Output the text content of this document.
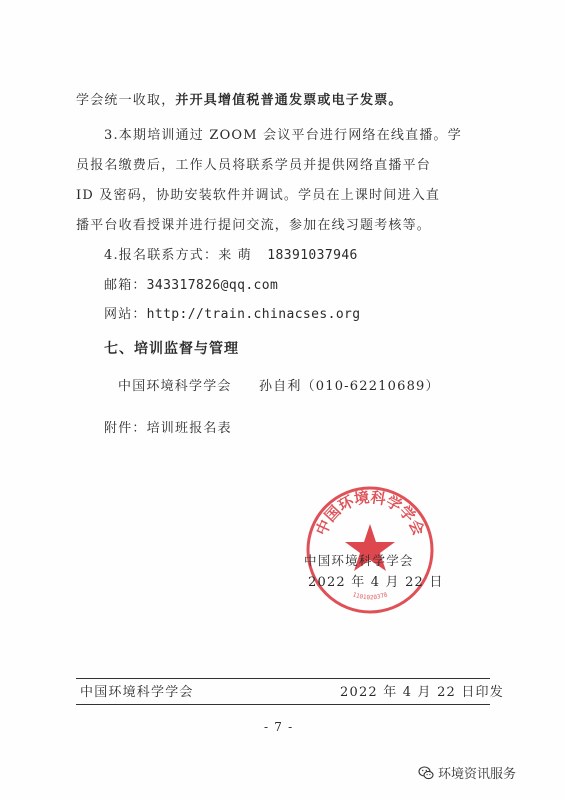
学会统一收取，并开具增值税普通发票或电子发票。
3.本期培训通过 ZOOM 会议平台进行网络在线直播。学
员报名缴费后，工作人员将联系学员并提供网络直播平台
ID 及密码，协助安装软件并调试。学员在上课时间进入直
播平台收看授课并进行提问交流，参加在线习题考核等。
4.报名联系方式：来 萌 18391037946
邮箱：343317826@qq.com
网站：http://train.chinacses.org
七、培训监督与管理
中国环境科学学会 孙自利（010-62210689）
附件：培训班报名表
中国环境科学学会
1101020378
中国环境科学学会
2022 年 4 月 22 日
中国环境科学学会	2022 年 4 月 22 日印发
- 7 -
环境资讯服务
